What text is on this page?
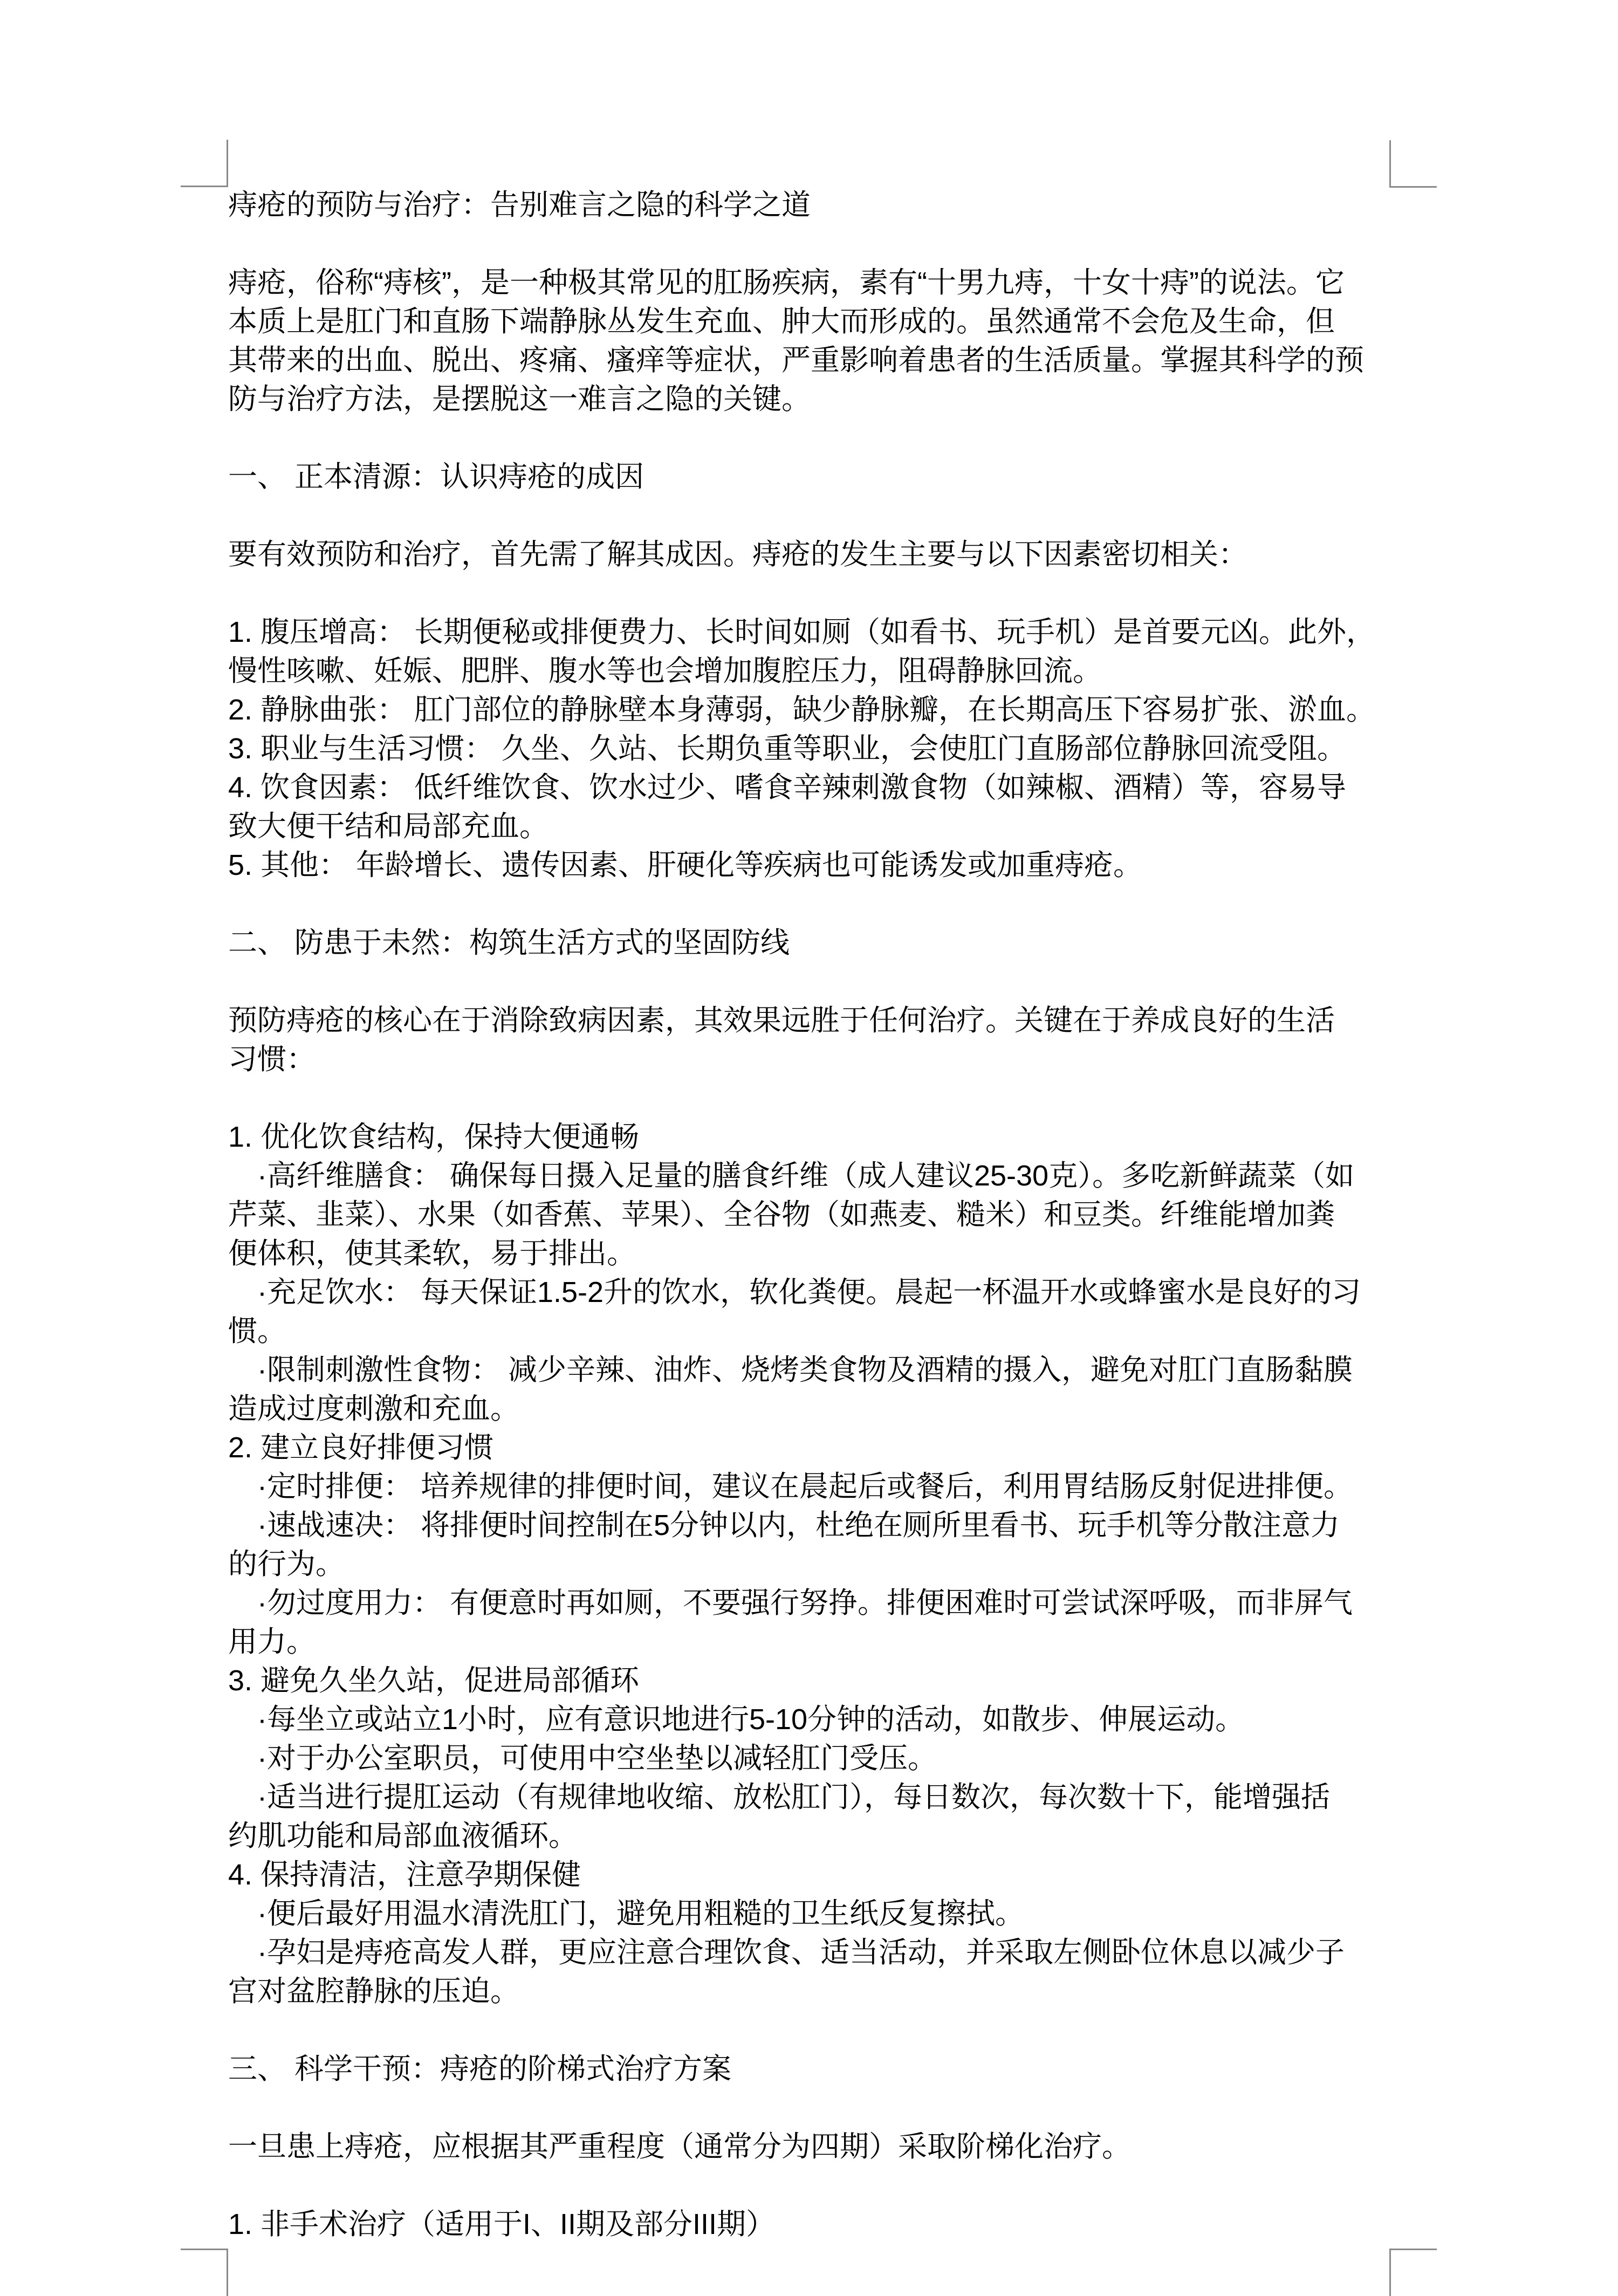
痔疮的预防与治疗：告别难言之隐的科学之道

痔疮，俗称“痔核”，是一种极其常见的肛肠疾病，素有“十男九痔，十女十痔”的说法。它
本质上是肛门和直肠下端静脉丛发生充血、肿大而形成的。虽然通常不会危及生命，但
其带来的出血、脱出、疼痛、瘙痒等症状，严重影响着患者的生活质量。掌握其科学的预
防与治疗方法，是摆脱这一难言之隐的关键。

一、 正本清源：认识痔疮的成因

要有效预防和治疗，首先需了解其成因。痔疮的发生主要与以下因素密切相关：

1. 腹压增高： 长期便秘或排便费力、长时间如厕（如看书、玩手机）是首要元凶。此外，
慢性咳嗽、妊娠、肥胖、腹水等也会增加腹腔压力，阻碍静脉回流。
2. 静脉曲张： 肛门部位的静脉壁本身薄弱，缺少静脉瓣，在长期高压下容易扩张、淤血。
3. 职业与生活习惯： 久坐、久站、长期负重等职业，会使肛门直肠部位静脉回流受阻。
4. 饮食因素： 低纤维饮食、饮水过少、嗜食辛辣刺激食物（如辣椒、酒精）等，容易导
致大便干结和局部充血。
5. 其他： 年龄增长、遗传因素、肝硬化等疾病也可能诱发或加重痔疮。

二、 防患于未然：构筑生活方式的坚固防线

预防痔疮的核心在于消除致病因素，其效果远胜于任何治疗。关键在于养成良好的生活
习惯：

1. 优化饮食结构，保持大便通畅
　·高纤维膳食： 确保每日摄入足量的膳食纤维（成人建议25-30克）。多吃新鲜蔬菜（如
芹菜、韭菜）、水果（如香蕉、苹果）、全谷物（如燕麦、糙米）和豆类。纤维能增加粪
便体积，使其柔软，易于排出。
　·充足饮水： 每天保证1.5-2升的饮水，软化粪便。晨起一杯温开水或蜂蜜水是良好的习
惯。
　·限制刺激性食物： 减少辛辣、油炸、烧烤类食物及酒精的摄入，避免对肛门直肠黏膜
造成过度刺激和充血。
2. 建立良好排便习惯
　·定时排便： 培养规律的排便时间，建议在晨起后或餐后，利用胃结肠反射促进排便。
　·速战速决： 将排便时间控制在5分钟以内，杜绝在厕所里看书、玩手机等分散注意力
的行为。
　·勿过度用力： 有便意时再如厕，不要强行努挣。排便困难时可尝试深呼吸，而非屏气
用力。
3. 避免久坐久站，促进局部循环
　·每坐立或站立1小时，应有意识地进行5-10分钟的活动，如散步、伸展运动。
　·对于办公室职员，可使用中空坐垫以减轻肛门受压。
　·适当进行提肛运动（有规律地收缩、放松肛门），每日数次，每次数十下，能增强括
约肌功能和局部血液循环。
4. 保持清洁，注意孕期保健
　·便后最好用温水清洗肛门，避免用粗糙的卫生纸反复擦拭。
　·孕妇是痔疮高发人群，更应注意合理饮食、适当活动，并采取左侧卧位休息以减少子
宫对盆腔静脉的压迫。

三、 科学干预：痔疮的阶梯式治疗方案

一旦患上痔疮，应根据其严重程度（通常分为四期）采取阶梯化治疗。

1. 非手术治疗（适用于I、II期及部分III期）
